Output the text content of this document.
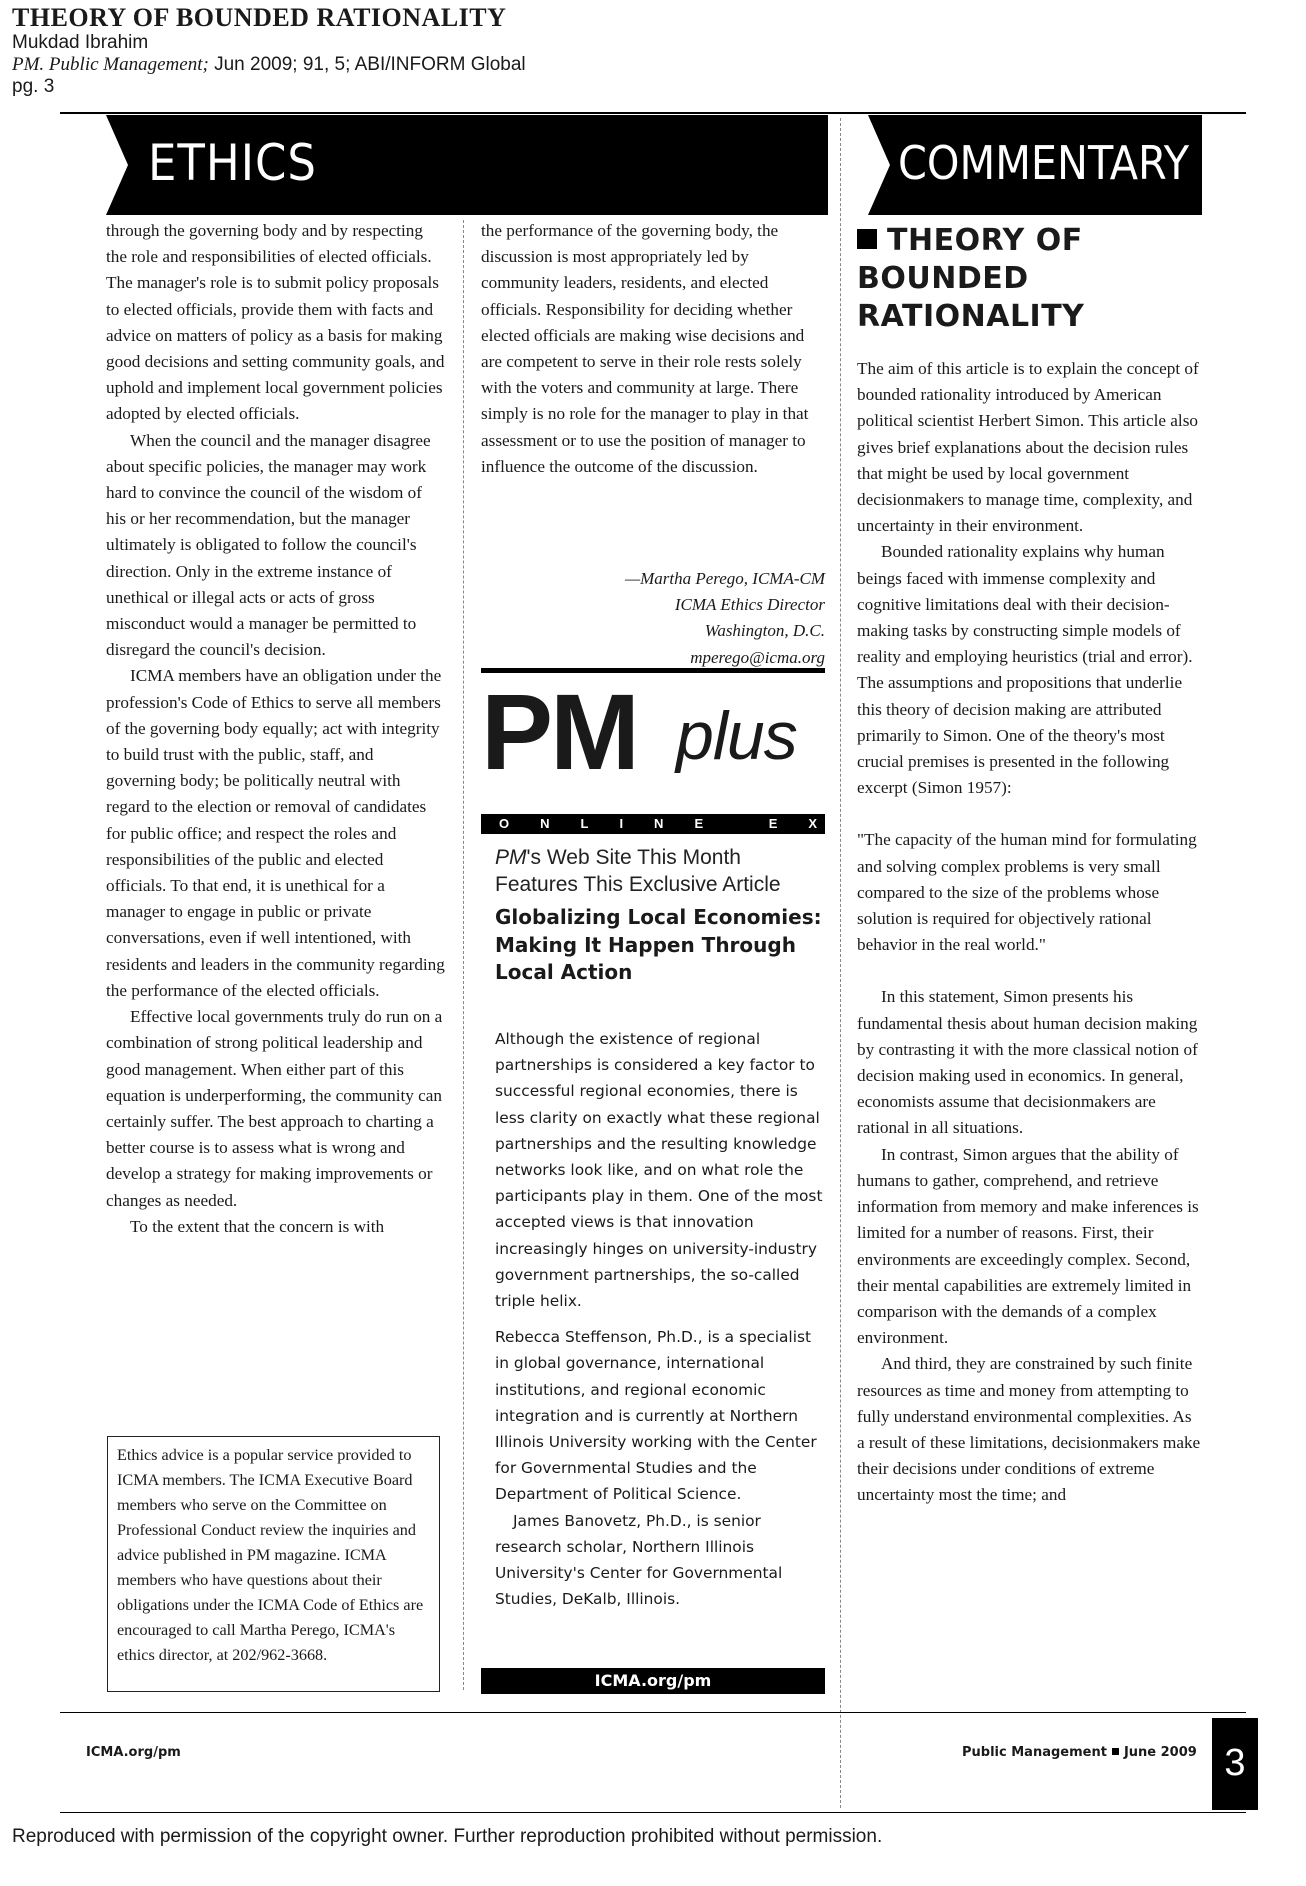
THEORY OF BOUNDED RATIONALITY
Mukdad Ibrahim
PM. Public Management; Jun 2009; 91, 5; ABI/INFORM Global
pg. 3
ETHICS	COMMENTARY

through the governing body and by respecting the role and responsibilities of elected officials. The manager's role is to submit policy proposals to elected officials, provide them with facts and advice on matters of policy as a basis for making good decisions and setting community goals, and uphold and implement local government policies adopted by elected officials.

When the council and the manager disagree about specific policies, the manager may work hard to convince the council of the wisdom of his or her recommendation, but the manager ultimately is obligated to follow the council's direction. Only in the extreme instance of unethical or illegal acts or acts of gross misconduct would a manager be permitted to disregard the council's decision.

ICMA members have an obligation under the profession's Code of Ethics to serve all members of the governing body equally; act with integrity to build trust with the public, staff, and governing body; be politically neutral with regard to the election or removal of candidates for public office; and respect the roles and responsibilities of the public and elected officials. To that end, it is unethical for a manager to engage in public or private conversations, even if well intentioned, with residents and leaders in the community regarding the performance of the elected officials.

Effective local governments truly do run on a combination of strong political leadership and good management. When either part of this equation is underperforming, the community can certainly suffer. The best approach to charting a better course is to assess what is wrong and develop a strategy for making improvements or changes as needed.

To the extent that the concern is with

Ethics advice is a popular service provided to ICMA members. The ICMA Executive Board members who serve on the Committee on Professional Conduct review the inquiries and advice published in PM magazine. ICMA members who have questions about their obligations under the ICMA Code of Ethics are encouraged to call Martha Perego, ICMA's ethics director, at 202/962-3668.

the performance of the governing body, the discussion is most appropriately led by community leaders, residents, and elected officials. Responsibility for deciding whether elected officials are making wise decisions and are competent to serve in their role rests solely with the voters and community at large. There simply is no role for the manager to play in that assessment or to use the position of manager to influence the outcome of the discussion.

—Martha Perego, ICMA-CM
ICMA Ethics Director
Washington, D.C.
mperego@icma.org
PM plus
ONLINE EXTRA
PM's Web Site This Month Features This Exclusive Article
Globalizing Local Economies: Making It Happen Through Local Action

Although the existence of regional partnerships is considered a key factor to successful regional economies, there is less clarity on exactly what these regional partnerships and the resulting knowledge networks look like, and on what role the participants play in them. One of the most accepted views is that innovation increasingly hinges on university-industry government partnerships, the so-called triple helix.

Rebecca Steffenson, Ph.D., is a specialist in global governance, international institutions, and regional economic integration and is currently at Northern Illinois University working with the Center for Governmental Studies and the Department of Political Science.

James Banovetz, Ph.D., is senior research scholar, Northern Illinois University's Center for Governmental Studies, DeKalb, Illinois.

ICMA.org/pm
THEORY OF BOUNDED RATIONALITY

The aim of this article is to explain the concept of bounded rationality introduced by American political scientist Herbert Simon. This article also gives brief explanations about the decision rules that might be used by local government decisionmakers to manage time, complexity, and uncertainty in their environment.

Bounded rationality explains why human beings faced with immense complexity and cognitive limitations deal with their decision-making tasks by constructing simple models of reality and employing heuristics (trial and error). The assumptions and propositions that underlie this theory of decision making are attributed primarily to Simon. One of the theory's most crucial premises is presented in the following excerpt (Simon 1957):

"The capacity of the human mind for formulating and solving complex problems is very small compared to the size of the problems whose solution is required for objectively rational behavior in the real world."

In this statement, Simon presents his fundamental thesis about human decision making by contrasting it with the more classical notion of decision making used in economics. In general, economists assume that decisionmakers are rational in all situations.

In contrast, Simon argues that the ability of humans to gather, comprehend, and retrieve information from memory and make inferences is limited for a number of reasons. First, their environments are exceedingly complex. Second, their mental capabilities are extremely limited in comparison with the demands of a complex environment.

And third, they are constrained by such finite resources as time and money from attempting to fully understand environmental complexities. As a result of these limitations, decisionmakers make their decisions under conditions of extreme uncertainty most the time; and

ICMA.org/pm	Public Management June 2009 3
Reproduced with permission of the copyright owner. Further reproduction prohibited without permission.
